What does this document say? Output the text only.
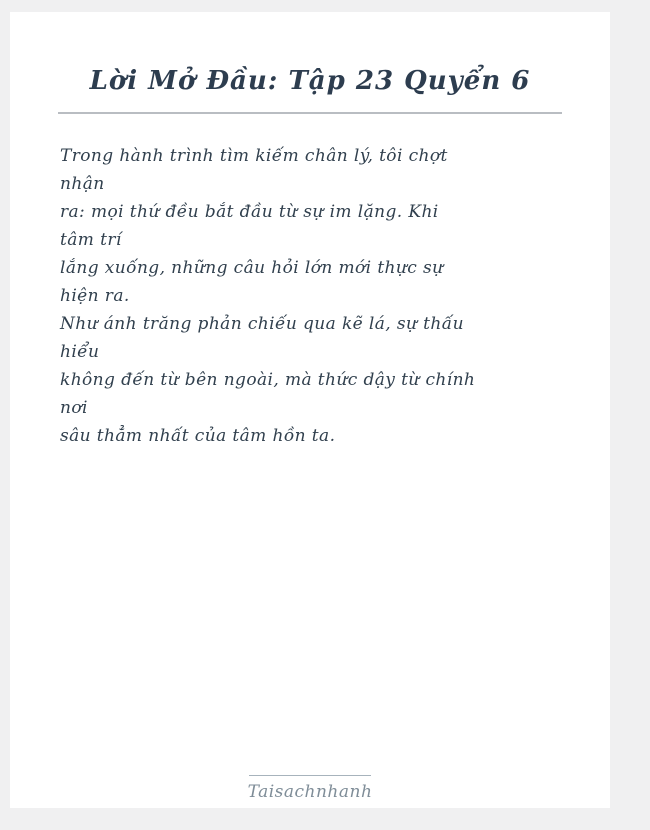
Lời Mở Đầu: Tập 23 Quyển 6
Trong hành trình tìm kiếm chân lý, tôi chợt
nhận
ra: mọi thứ đều bắt đầu từ sự im lặng. Khi
tâm trí
lắng xuống, những câu hỏi lớn mới thực sự
hiện ra.
Như ánh trăng phản chiếu qua kẽ lá, sự thấu
hiểu
không đến từ bên ngoài, mà thức dậy từ chính
nơi
sâu thẳm nhất của tâm hồn ta.
Taisachnhanh
